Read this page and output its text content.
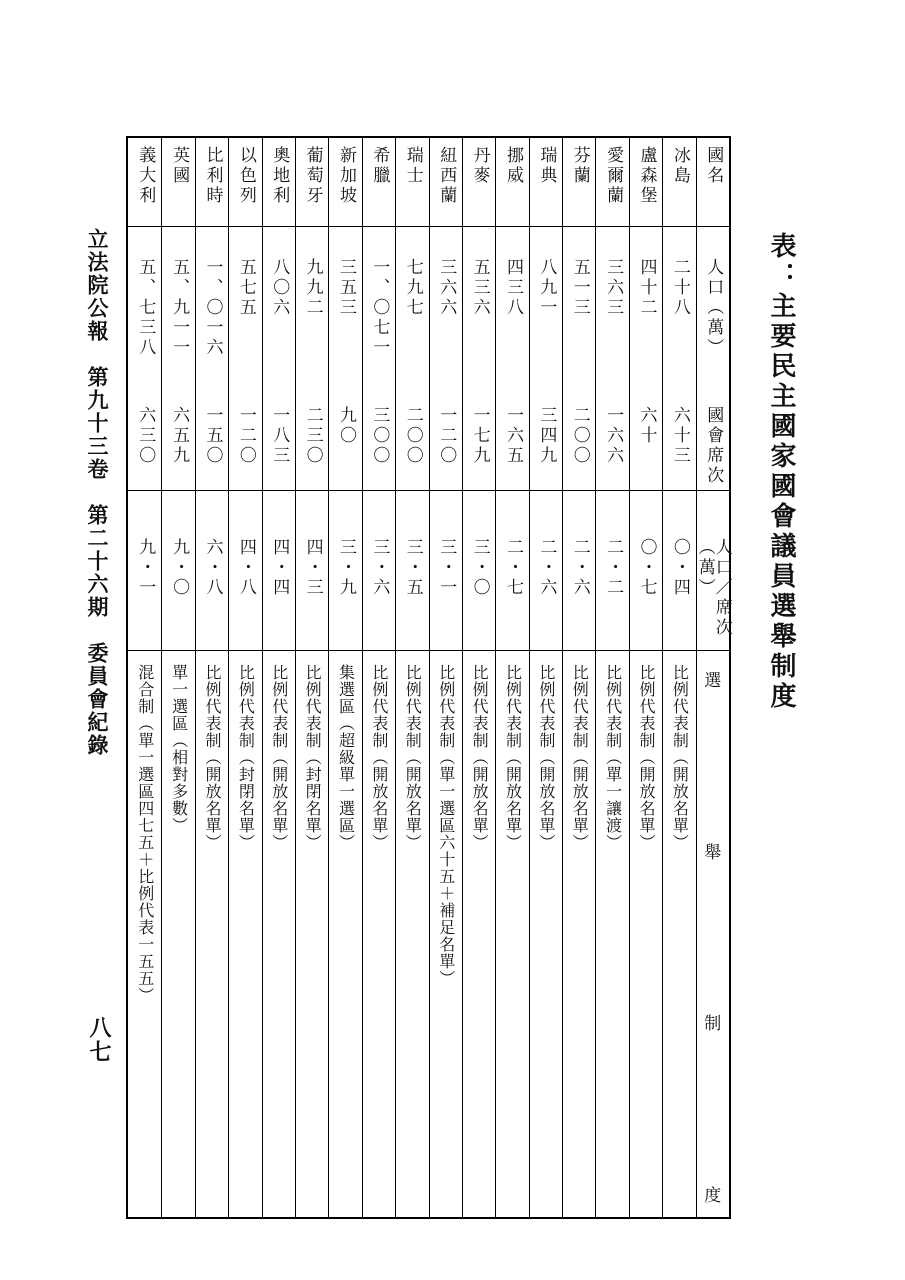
表：主要民主國家國會議員選舉制度
立法院公報　第九十三卷　第二十六期　委員會紀錄
八七
國名
人口（萬）
國會席次
人口／席次（萬）
選
舉
制
度
冰島
二十八
六十三
〇・四
比例代表制（開放名單）
盧森堡
四十二
六十
〇・七
比例代表制（開放名單）
愛爾蘭
三六三
一六六
二・二
比例代表制（單一讓渡）
芬蘭
五一三
二〇〇
二・六
比例代表制（開放名單）
瑞典
八九一
三四九
二・六
比例代表制（開放名單）
挪威
四三八
一六五
二・七
比例代表制（開放名單）
丹麥
五三六
一七九
三・〇
比例代表制（開放名單）
紐西蘭
三六六
一二〇
三・一
比例代表制（單一選區六十五＋補足名單）
瑞士
七九七
二〇〇
三・五
比例代表制（開放名單）
希臘
一、〇七一
三〇〇
三・六
比例代表制（開放名單）
新加坡
三五三
九〇
三・九
集選區（超級單一選區）
葡萄牙
九九二
二三〇
四・三
比例代表制（封閉名單）
奧地利
八〇六
一八三
四・四
比例代表制（開放名單）
以色列
五七五
一二〇
四・八
比例代表制（封閉名單）
比利時
一、〇一六
一五〇
六・八
比例代表制（開放名單）
英國
五、九一一
六五九
九・〇
單一選區（相對多數）
義大利
五、七三八
六三〇
九・一
混合制（單一選區四七五＋比例代表一五五）
